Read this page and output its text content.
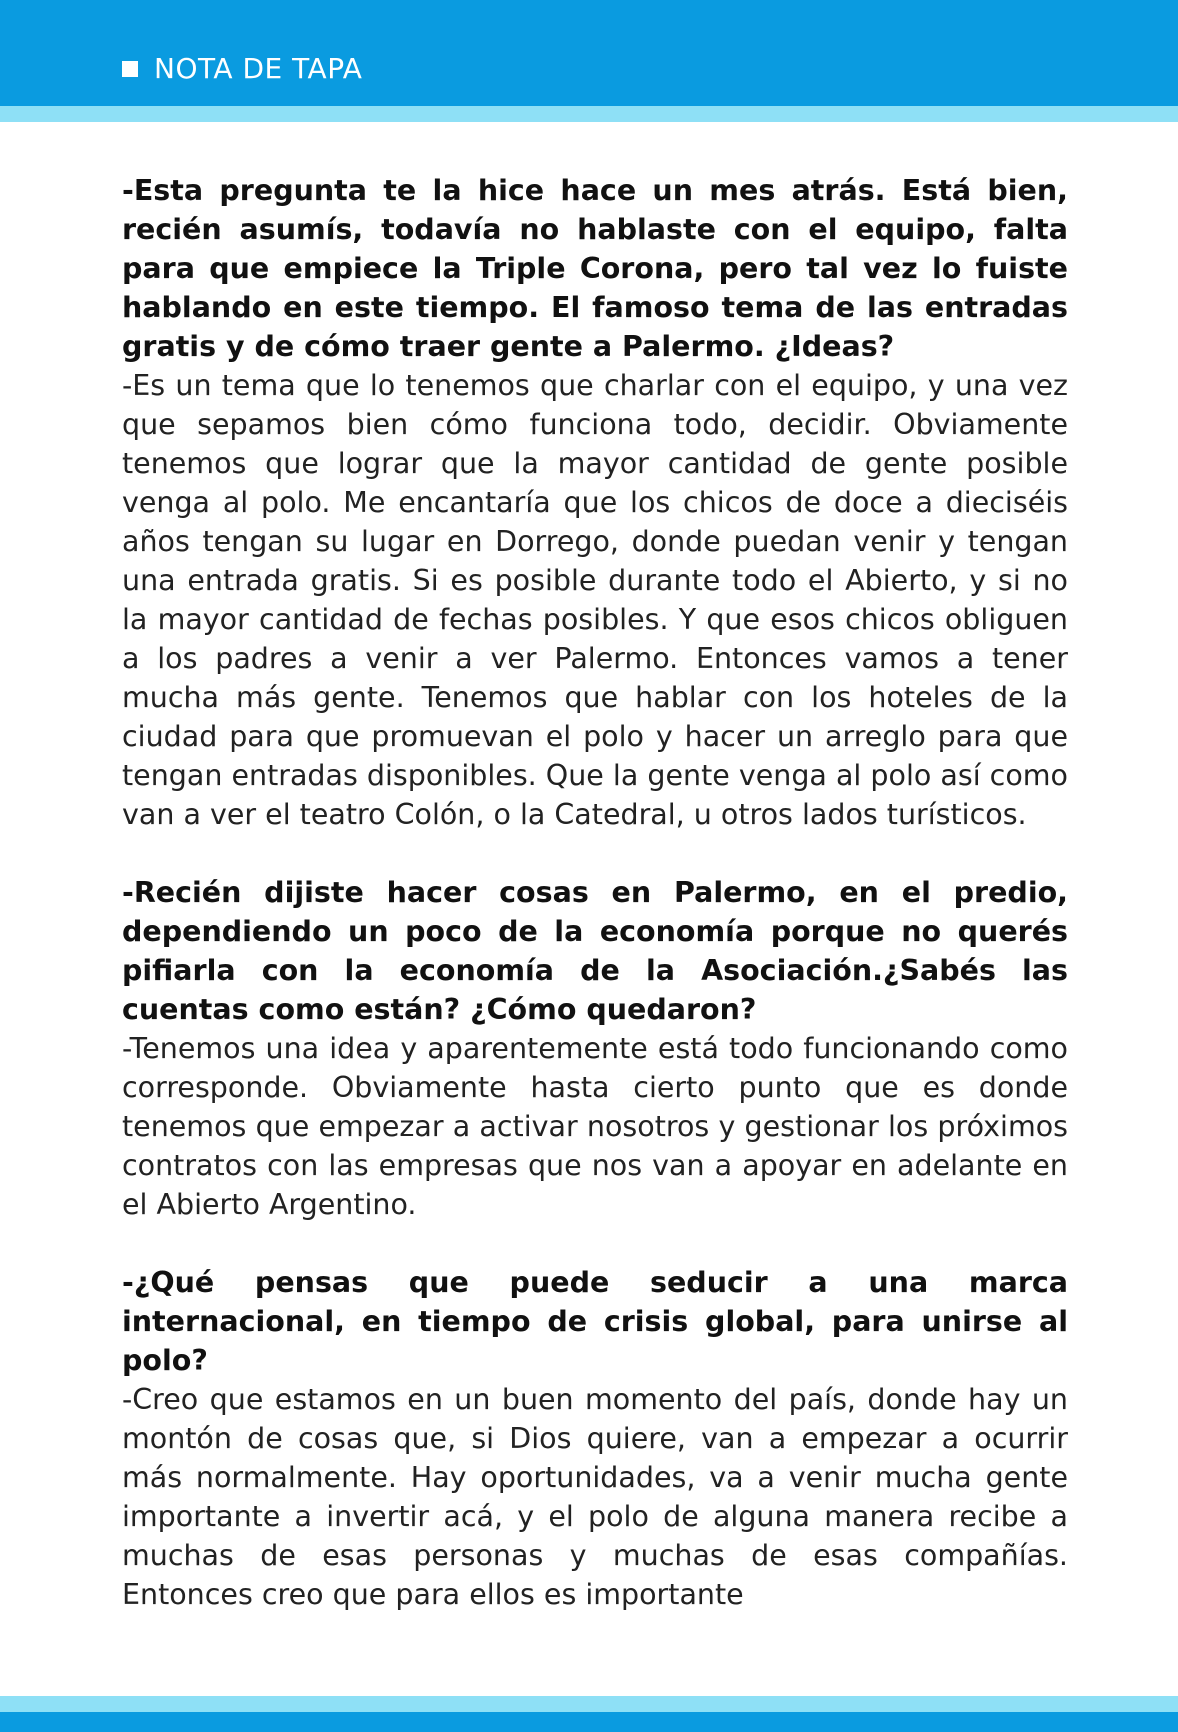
NOTA DE TAPA

-Esta pregunta te la hice hace un mes atrás. Está bien, recién asumís, todavía no hablaste con el equipo, falta para que empiece la Triple Corona, pero tal vez lo fuiste hablando en este tiempo. El famoso tema de las entradas gratis y de cómo traer gente a Palermo. ¿Ideas?

-Es un tema que lo tenemos que charlar con el equipo, y una vez que sepamos bien cómo funciona todo, decidir. Obviamente tenemos que lograr que la mayor cantidad de gente posible venga al polo. Me encantaría que los chicos de doce a dieciséis años tengan su lugar en Dorrego, donde puedan venir y tengan una entrada gratis. Si es posible durante todo el Abierto, y si no la mayor cantidad de fechas posibles. Y que esos chicos obliguen a los padres a venir a ver Palermo. Entonces vamos a tener mucha más gente. Tenemos que hablar con los hoteles de la ciudad para que promuevan el polo y hacer un arreglo para que tengan entradas disponibles. Que la gente venga al polo así como van a ver el teatro Colón, o la Catedral, u otros lados turísticos.

-Recién dijiste hacer cosas en Palermo, en el predio, dependiendo un poco de la economía porque no querés pifiarla con la economía de la Asociación.¿Sabés las cuentas como están? ¿Cómo quedaron?

-Tenemos una idea y aparentemente está todo funcionando como corresponde. Obviamente hasta cierto punto que es donde tenemos que empezar a activar nosotros y gestionar los próximos contratos con las empresas que nos van a apoyar en adelante en el Abierto Argentino.

-¿Qué pensas que puede seducir a una marca internacional, en tiempo de crisis global, para unirse al polo?

-Creo que estamos en un buen momento del país, donde hay un montón de cosas que, si Dios quiere, van a empezar a ocurrir más normalmente. Hay oportunidades, va a venir mucha gente importante a invertir acá, y el polo de alguna manera recibe a muchas de esas personas y muchas de esas compañías. Entonces creo que para ellos es importante
